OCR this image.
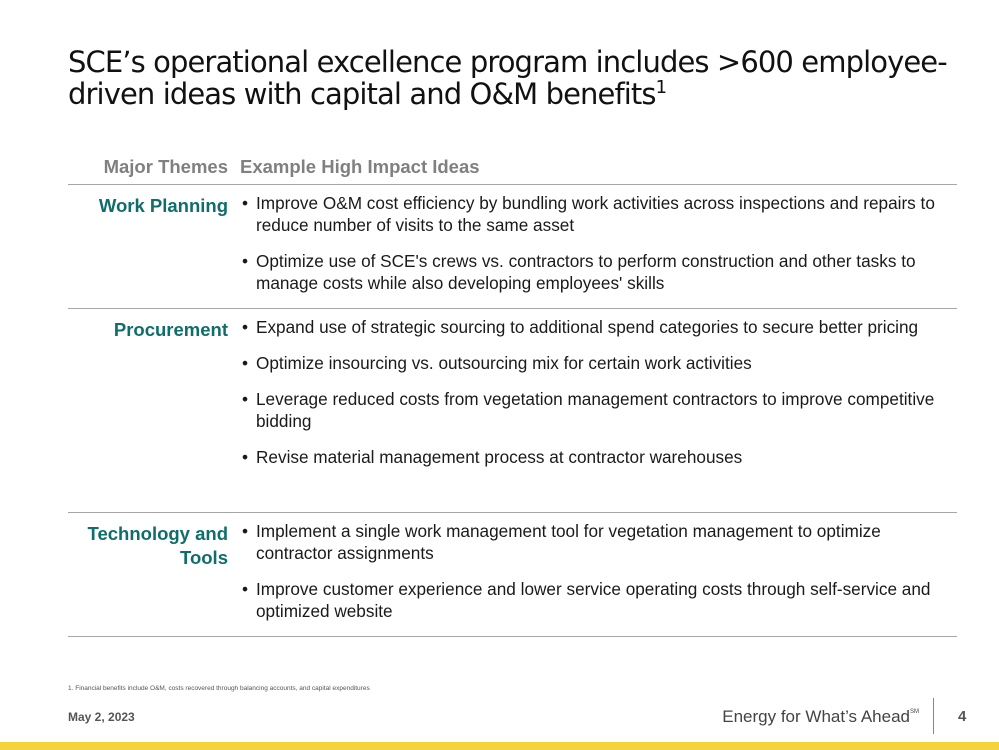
SCE’s operational excellence program includes >600 employee-driven ideas with capital and O&M benefits$^1$
Major Themes Example High Impact Ideas
Work Planning • Improve O&M cost efficiency by bundling work activities across inspections and repairs to reduce number of visits to the same asset
• Optimize use of SCE's crews vs. contractors to perform construction and other tasks to manage costs while also developing employees' skills
Procurement • Expand use of strategic sourcing to additional spend categories to secure better pricing
• Optimize insourcing vs. outsourcing mix for certain work activities
• Leverage reduced costs from vegetation management contractors to improve competitive bidding
• Revise material management process at contractor warehouses
Technology and Tools
• Implement a single work management tool for vegetation management to optimize contractor assignments
• Improve customer experience and lower service operating costs through self-service and optimized website
1. Financial benefits include O&M, costs recovered through balancing accounts, and capital expenditures
May 2, 2023	Energy for What’s Ahead℠	4
